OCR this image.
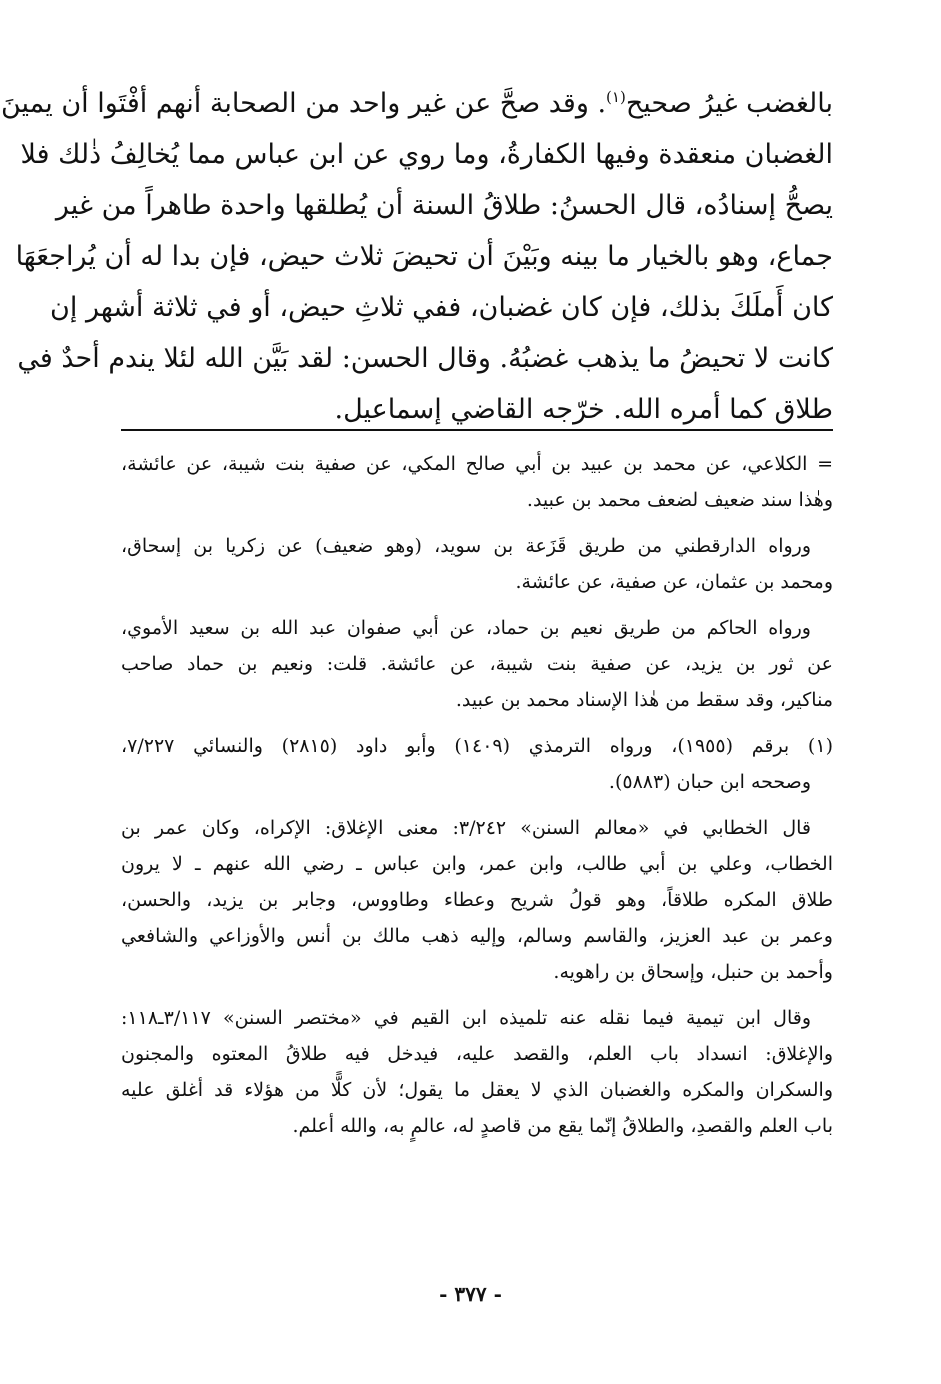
بالغضب غيرُ صحيح$^{(١)}$. وقد صحَّ عن غير واحد من الصحابة أنهم أفْتَوا أن يمينَ
الغضبان منعقدة وفيها الكفارةُ، وما روي عن ابن عباس مما يُخالِفُ ذٰلك فلا
يصحُّ إسنادُه، قال الحسنُ: طلاقُ السنة أن يُطلقها واحدة طاهراً من غير
جماع، وهو بالخيار ما بينه وبَيْنَ أن تحيضَ ثلاث حيض، فإن بدا له أن يُراجعَهَا
كان أَملَكَ بذلك، فإن كان غضبان، ففي ثلاثِ حيض، أو في ثلاثة أشهر إن
كانت لا تحيضُ ما يذهب غضبُهُ. وقال الحسن: لقد بَيَّن الله لئلا يندم أحدٌ في
طلاق كما أمره الله. خرّجه القاضي إسماعيل.
= الكلاعي، عن محمد بن عبيد بن أبي صالح المكي، عن صفية بنت شيبة، عن عائشة،
وهٰذا سند ضعيف لضعف محمد بن عبيد.
ورواه الدارقطني من طريق قَزَعة بن سويد، (وهو ضعيف) عن زكريا بن إسحاق،
ومحمد بن عثمان، عن صفية، عن عائشة.
ورواه الحاكم من طريق نعيم بن حماد، عن أبي صفوان عبد الله بن سعيد الأموي،
عن ثور بن يزيد، عن صفية بنت شيبة، عن عائشة. قلت: ونعيم بن حماد صاحب
مناكير، وقد سقط من هٰذا الإسناد محمد بن عبيد.
(١) برقم (١٩٥٥)، ورواه الترمذي (١٤٠٩) وأبو داود (٢٨١٥) والنسائي ٧/٢٢٧،
وصححه ابن حبان (٥٨٨٣).
قال الخطابي في «معالم السنن» ٣/٢٤٢: معنى الإغلاق: الإكراه، وكان عمر بن
الخطاب، وعلي بن أبي طالب، وابن عمر، وابن عباس ـ رضي الله عنهم ـ لا يرون
طلاق المكره طلاقاً، وهو قولُ شريح وعطاء وطاووس، وجابر بن يزيد، والحسن،
وعمر بن عبد العزيز، والقاسم وسالم، وإليه ذهب مالك بن أنس والأوزاعي والشافعي
وأحمد بن حنبل، وإسحاق بن راهويه.
وقال ابن تيمية فيما نقله عنه تلميذه ابن القيم في «مختصر السنن» ٣/١١٧ـ١١٨:
والإغلاق: انسداد باب العلم، والقصد عليه، فيدخل فيه طلاقُ المعتوه والمجنون
والسكران والمكره والغضبان الذي لا يعقل ما يقول؛ لأن كلًّا من هؤلاء قد أغلق عليه
باب العلم والقصدِ، والطلاقُ إنّما يقع من قاصدٍ له، عالمٍ به، والله أعلم.
- ٣٧٧ -
